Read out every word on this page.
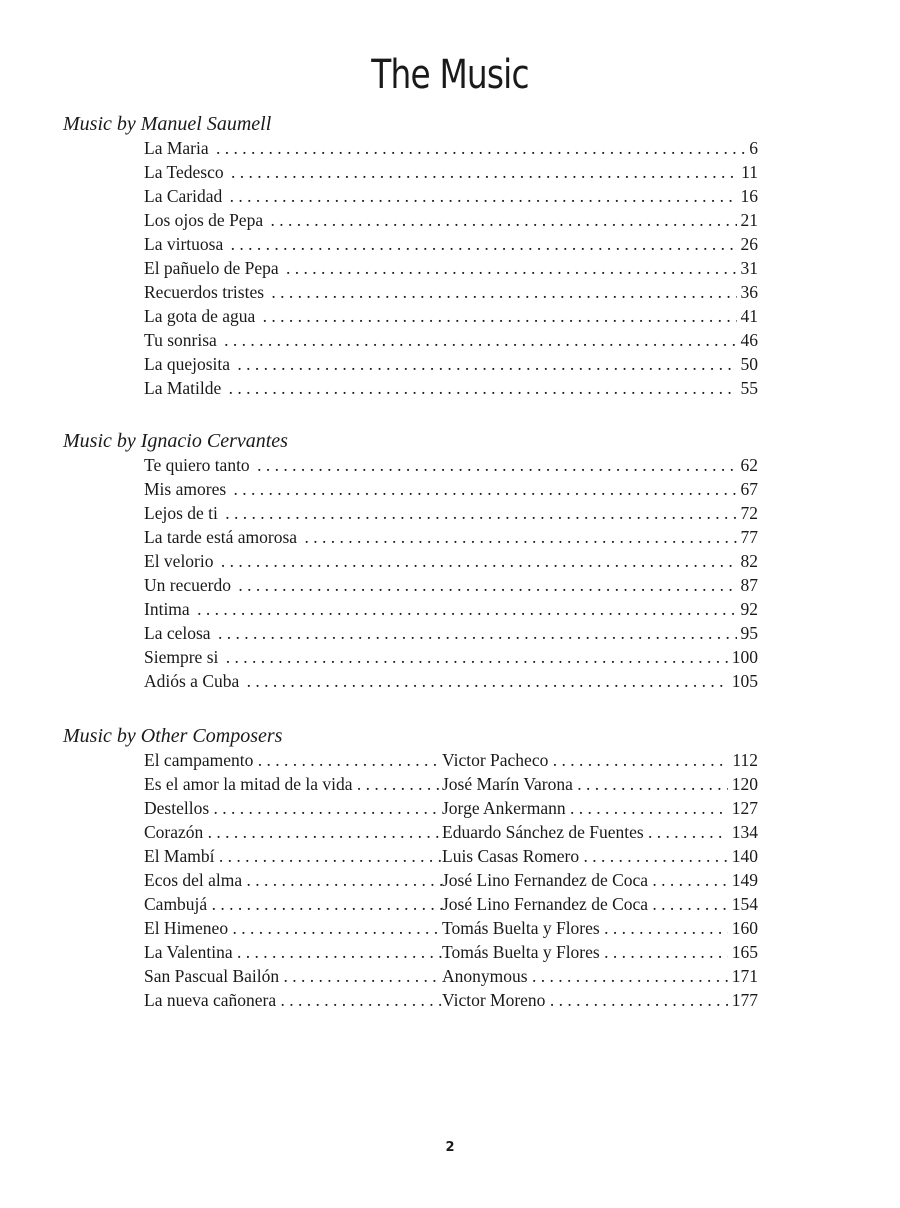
The Music
Music by Manuel Saumell
La Maria . . .	6
La Tedesco . . .	11
La Caridad . . .	16
Los ojos de Pepa . . .	21
La virtuosa . . .	26
El pañuelo de Pepa . . .	31
Recuerdos tristes . . .	36
La gota de agua . . .	41
Tu sonrisa . . .	46
La quejosita . . .	50
La Matilde . . .	55
Music by Ignacio Cervantes
Te quiero tanto . . .	62
Mis amores . . .	67
Lejos de ti . . .	72
La tarde está amorosa . . .	77
El velorio . . .	82
Un recuerdo . . .	87
Intima . . .	92
La celosa . . .	95
Siempre si . . .	100
Adiós a Cuba . . .	105
Music by Other Composers
El campamento . . .	Victor Pacheco . . .	112
Es el amor la mitad de la vida . . .	José Marín Varona . . .	120
Destellos . . .	Jorge Ankermann . . .	127
Corazón . . .	Eduardo Sánchez de Fuentes . . .	134
El Mambí . . .	Luis Casas Romero . . .	140
Ecos del alma . . .	José Lino Fernandez de Coca . . .	149
Cambujá . . .	José Lino Fernandez de Coca . . .	154
El Himeneo . . .	Tomás Buelta y Flores . . .	160
La Valentina . . .	Tomás Buelta y Flores . . .	165
San Pascual Bailón . . .	Anonymous . . .	171
La nueva cañonera . . .	Victor Moreno . . .	177
2
